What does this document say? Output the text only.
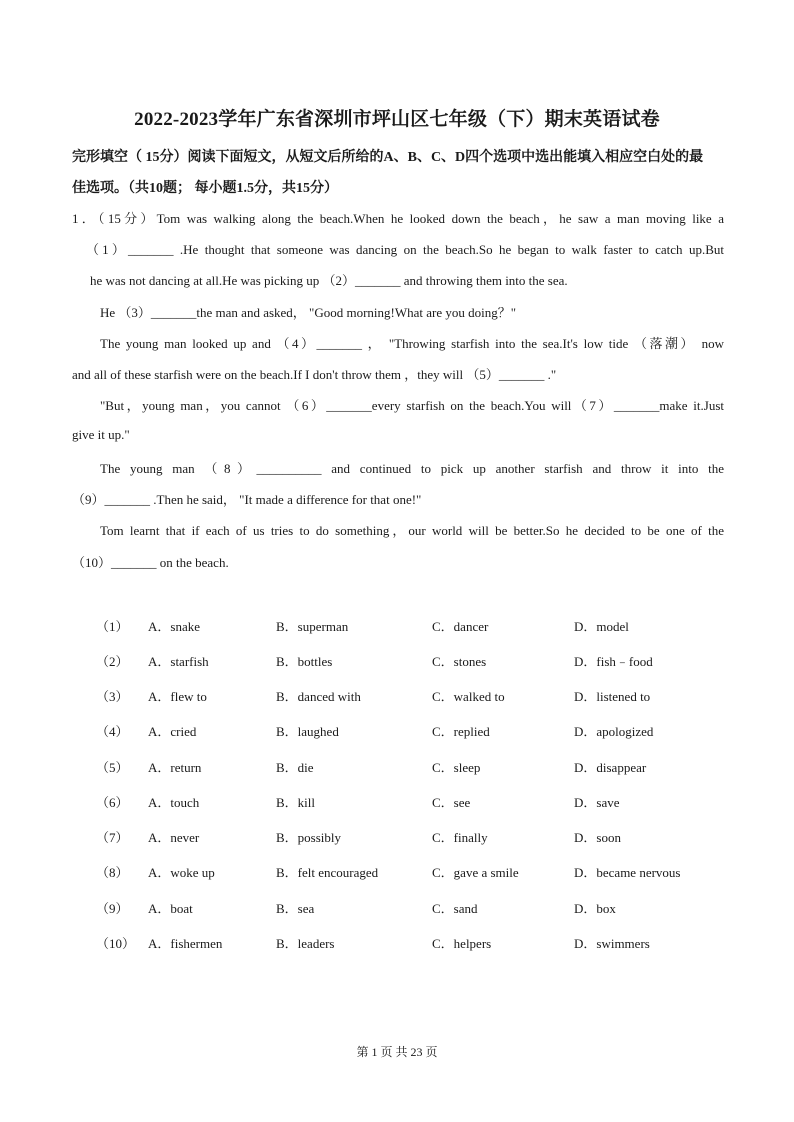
2022-2023学年广东省深圳市坪山区七年级（下）期末英语试卷
完形填空（ 15分）阅读下面短文，从短文后所给的A、B、C、D四个选项中选出能填入相应空白处的最
佳选项。（共10题； 每小题1.5分，共15分）
1．（15分）Tom was walking along the beach.When he looked down the beach，he saw a man moving like a
（1）_______ .He thought that someone was dancing on the beach.So he began to walk faster to catch up.But
he was not dancing at all.He was picking up （2）_______ and throwing them into the sea.
He （3）_______the man and asked， "Good morning!What are you doing？"
The young man looked up and （4）_______ ， "Throwing starfish into the sea.It's low tide （落潮） now
and all of these starfish were on the beach.If I don't throw them ，they will （5）_______ ."
"But，young man，you cannot （6）_______every starfish on the beach.You will（7）_______make it.Just
give it up."
The young man （8）__________ and continued to pick up another starfish and throw it into the
（9）_______ .Then he said， "It made a difference for that one!"
Tom learnt that if each of us tries to do something，our world will be better.So he decided to be one of the
（10）_______ on the beach.
（1） A．snake	B．superman	C．dancer	D．model
（2） A．starfish	B．bottles	C．stones	D．fish﹣food
（3） A．flew to	B．danced with	C．walked to	D．listened to
（4） A．cried	B．laughed	C．replied	D．apologized
（5） A．return	B．die	C．sleep	D．disappear
（6） A．touch	B．kill	C．see	D．save
（7） A．never	B．possibly	C．finally	D．soon
（8） A．woke up	B．felt encouraged	C．gave a smile	D．became nervous
（9） A．boat	B．sea	C．sand	D．box
（10） A．fishermen	B．leaders	C．helpers	D．swimmers
第 1 页 共 23 页
